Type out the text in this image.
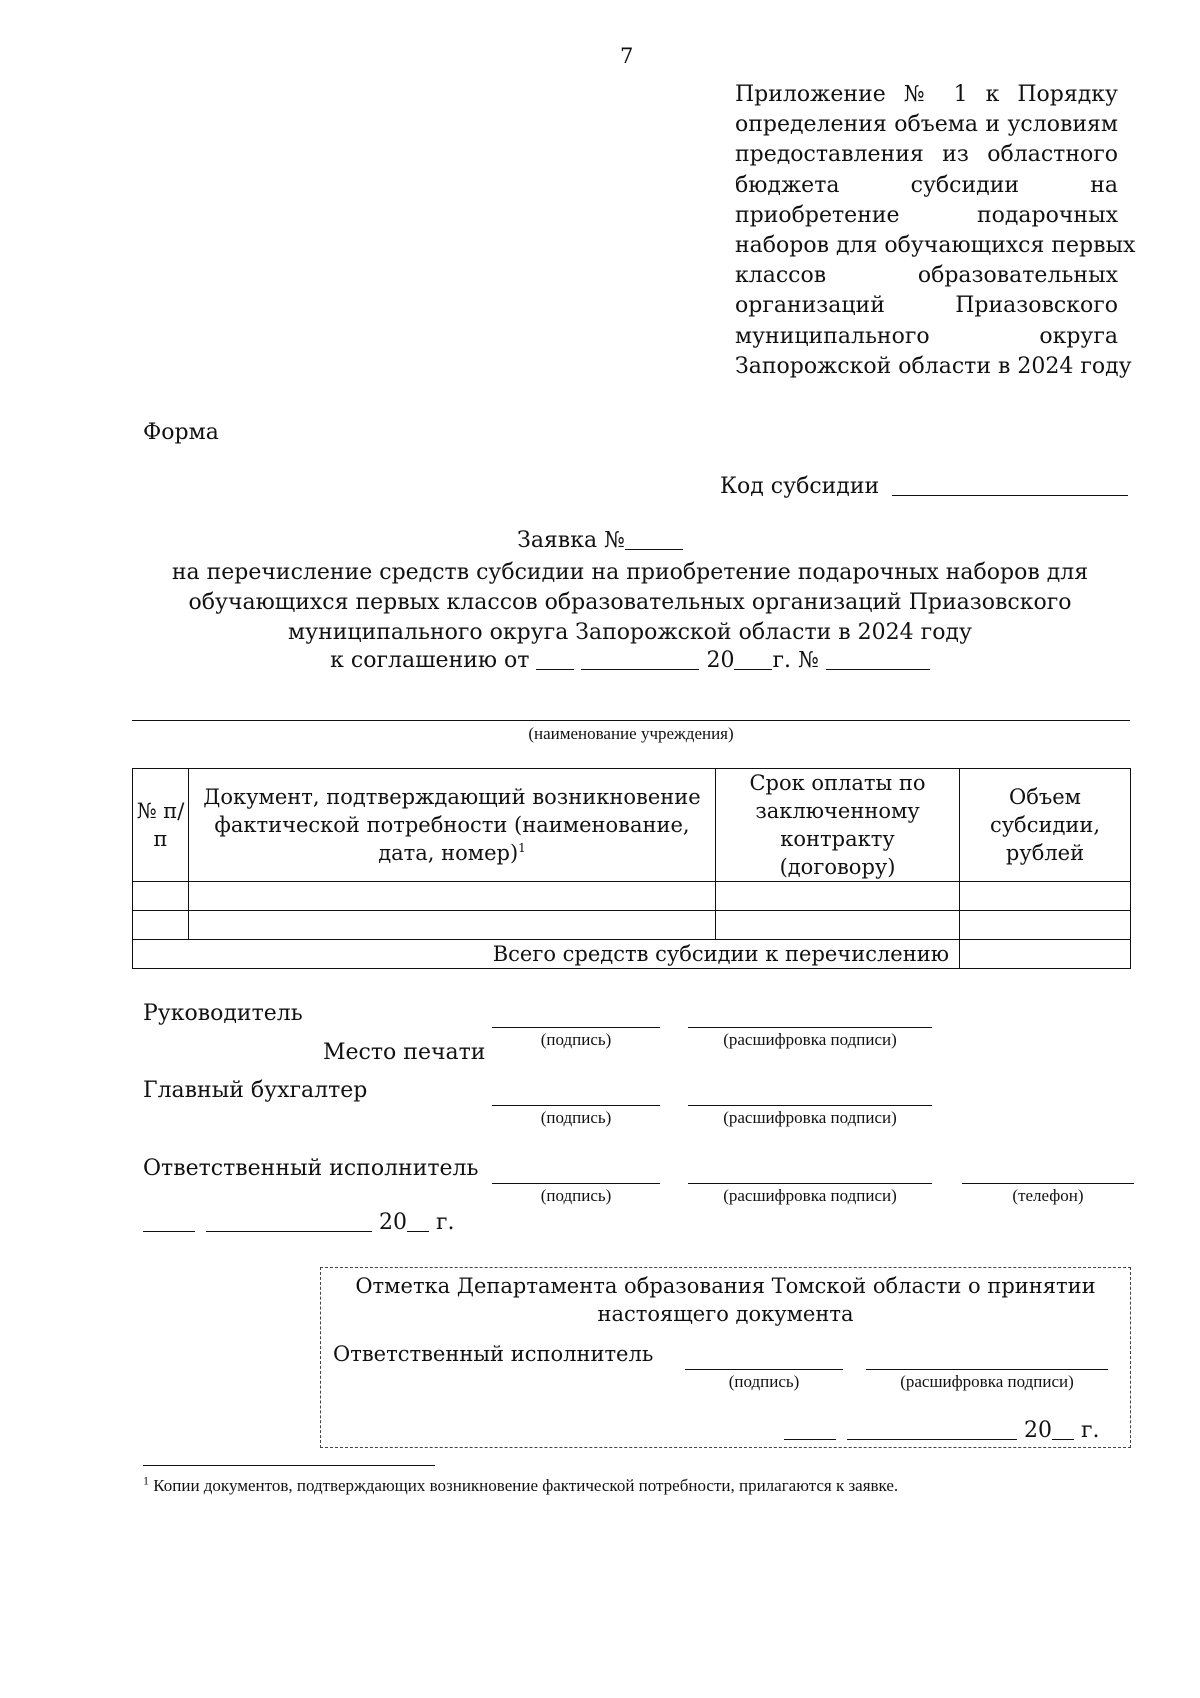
7
Приложение № 1 к Порядку
определения объема и условиям
предоставления из областного
бюджета субсидии на
приобретение подарочных
наборов для обучающихся первых
классов образовательных
организаций Приазовского
муниципального округа
Запорожской области в 2024 году
Форма
Код субсидии
Заявка №
на перечисление средств субсидии на приобретение подарочных наборов для
обучающихся первых классов образовательных организаций Приазовского
муниципального округа Запорожской области в 2024 году
к соглашению от	20 г. №
(наименование учреждения)
№ п/п	Документ, подтверждающий возникновение фактической потребности (наименование, дата, номер)$^1$	Срок оплаты по заключенному контракту (договору)	Объем субсидии, рублей

Всего средств субсидии к перечислению			
Руководитель
Место печати
(подпись)	(расшифровка подписи)
Главный бухгалтер
(подпись)	(расшифровка подписи)
Ответственный исполнитель
(подпись)	(расшифровка подписи)	(телефон)
20 г.
Отметка Департамента образования Томской области о принятии
настоящего документа
Ответственный исполнитель
(подпись)	(расшифровка подписи)
20 г.
$^1$ Копии документов, подтверждающих возникновение фактической потребности, прилагаются к заявке.
